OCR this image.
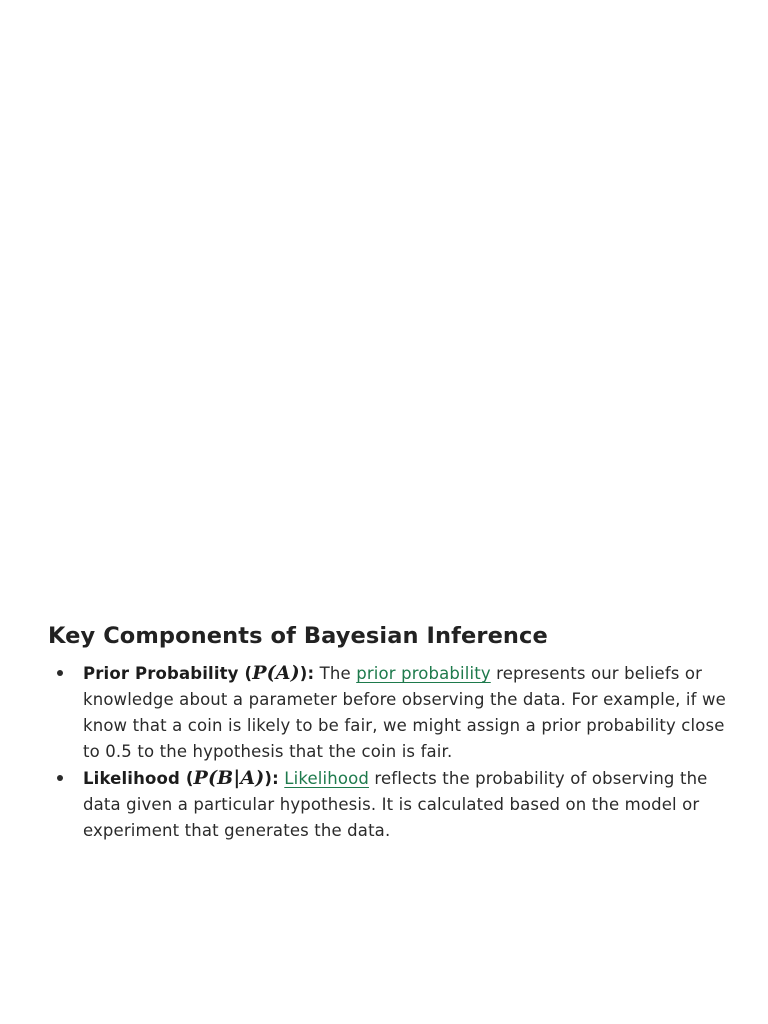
Key Components of Bayesian Inference
Prior Probability (P(A)): The prior probability represents our beliefs or knowledge about a parameter before observing the data. For example, if we know that a coin is likely to be fair, we might assign a prior probability close to 0.5 to the hypothesis that the coin is fair.
Likelihood (P(B|A)): Likelihood reflects the probability of observing the data given a particular hypothesis. It is calculated based on the model or experiment that generates the data.
